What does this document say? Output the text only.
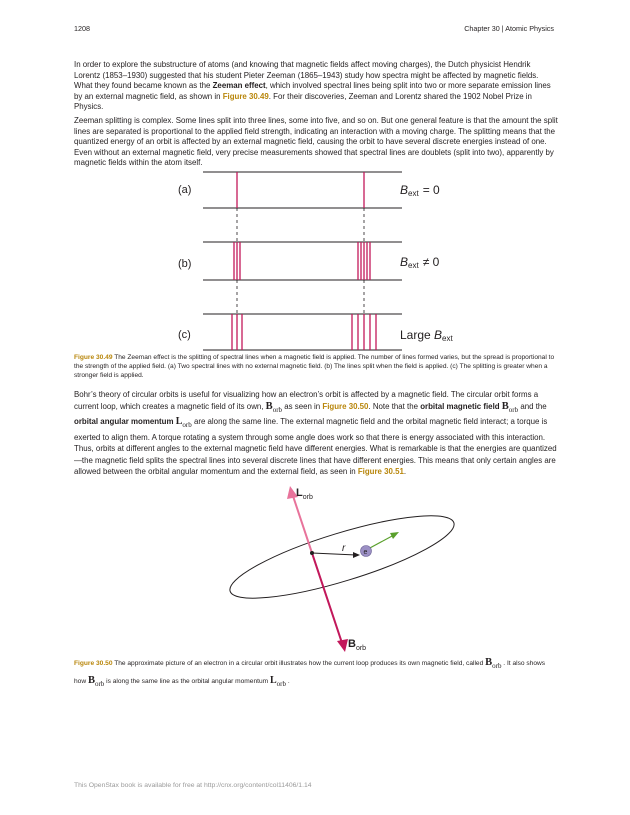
1208	Chapter 30 | Atomic Physics

In order to explore the substructure of atoms (and knowing that magnetic fields affect moving charges), the Dutch physicist Hendrik Lorentz (1853–1930) suggested that his student Pieter Zeeman (1865–1943) study how spectra might be affected by magnetic fields. What they found became known as the Zeeman effect, which involved spectral lines being split into two or more separate emission lines by an external magnetic field, as shown in Figure 30.49. For their discoveries, Zeeman and Lorentz shared the 1902 Nobel Prize in Physics.

Zeeman splitting is complex. Some lines split into three lines, some into five, and so on. But one general feature is that the amount the split lines are separated is proportional to the applied field strength, indicating an interaction with a moving charge. The splitting means that the quantized energy of an orbit is affected by an external magnetic field, causing the orbit to have several discrete energies instead of one. Even without an external magnetic field, very precise measurements showed that spectral lines are doublets (split into two), apparently by magnetic fields within the atom itself.

(a)
(b)
(c)
Bext = 0
Bext ≠ 0
Large Bext
e
r
Lorb
Borb

Figure 30.49 The Zeeman effect is the splitting of spectral lines when a magnetic field is applied. The number of lines formed varies, but the spread is proportional to the strength of the applied field. (a) Two spectral lines with no external magnetic field. (b) The lines split when the field is applied. (c) The splitting is greater when a stronger field is applied.

Bohr’s theory of circular orbits is useful for visualizing how an electron’s orbit is affected by a magnetic field. The circular orbit forms a current loop, which creates a magnetic field of its own, $B_{orb}$ as seen in Figure 30.50. Note that the orbital magnetic field $B_{orb}$ and the orbital angular momentum $L_{orb}$ are along the same line. The external magnetic field and the orbital magnetic field interact; a torque is exerted to align them. A torque rotating a system through some angle does work so that there is energy associated with this interaction. Thus, orbits at different angles to the external magnetic field have different energies. What is remarkable is that the energies are quantized—the magnetic field splits the spectral lines into several discrete lines that have different energies. This means that only certain angles are allowed between the orbital angular momentum and the external field, as seen in Figure 30.51.

Figure 30.50 The approximate picture of an electron in a circular orbit illustrates how the current loop produces its own magnetic field, called $B_{orb}$ . It also shows how $B_{orb}$ is along the same line as the orbital angular momentum $L_{orb}$ .

This OpenStax book is available for free at http://cnx.org/content/col11406/1.14
